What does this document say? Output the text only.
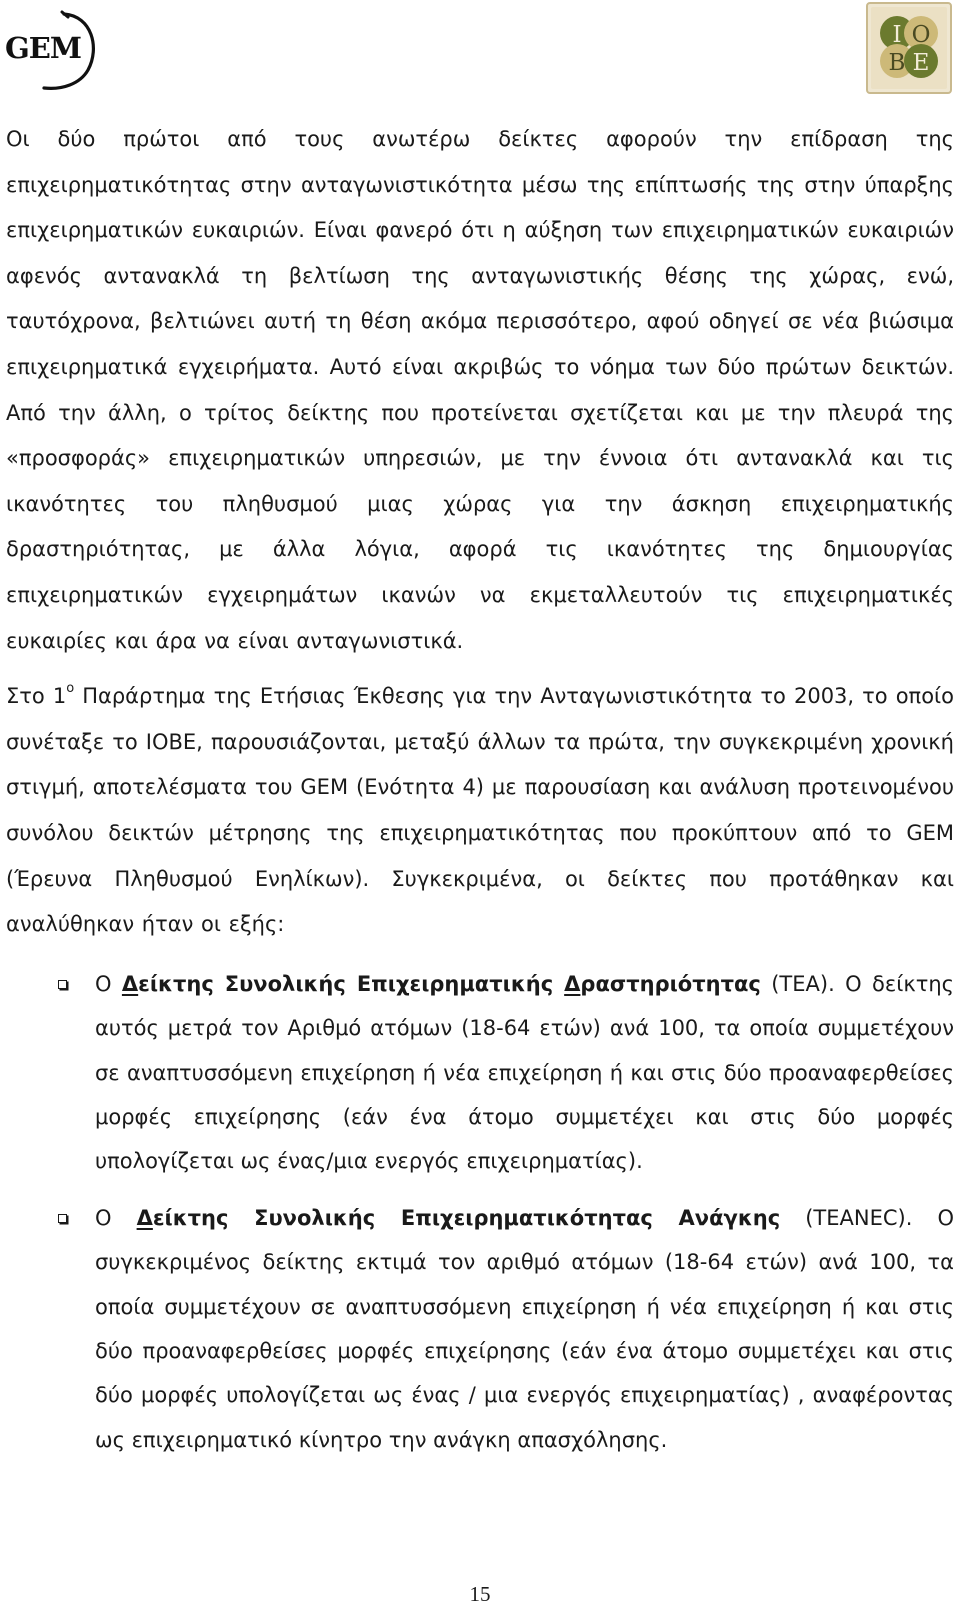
GEM	I O
B E

Οι δύο πρώτοι από τους ανωτέρω δείκτες αφορούν την επίδραση της επιχειρηματικότητας στην ανταγωνιστικότητα μέσω της επίπτωσής της στην ύπαρξης επιχειρηματικών ευκαιριών. Είναι φανερό ότι η αύξηση των επιχειρηματικών ευκαιριών αφενός αντανακλά τη βελτίωση της ανταγωνιστικής θέσης της χώρας, ενώ, ταυτόχρονα, βελτιώνει αυτή τη θέση ακόμα περισσότερο, αφού οδηγεί σε νέα βιώσιμα επιχειρηματικά εγχειρήματα. Αυτό είναι ακριβώς το νόημα των δύο πρώτων δεικτών. Από την άλλη, ο τρίτος δείκτης που προτείνεται σχετίζεται και με την πλευρά της «προσφοράς» επιχειρηματικών υπηρεσιών, με την έννοια ότι αντανακλά και τις ικανότητες του πληθυσμού μιας χώρας για την άσκηση επιχειρηματικής δραστηριότητας, με άλλα λόγια, αφορά τις ικανότητες της δημιουργίας επιχειρηματικών εγχειρημάτων ικανών να εκμεταλλευτούν τις επιχειρηματικές ευκαιρίες και άρα να είναι ανταγωνιστικά.

Στο $1^o$ Παράρτημα της Ετήσιας Έκθεσης για την Ανταγωνιστικότητα το 2003, το οποίο συνέταξε το ΙΟΒΕ, παρουσιάζονται, μεταξύ άλλων τα πρώτα, την συγκεκριμένη χρονική στιγμή, αποτελέσματα του GEM (Ενότητα 4) με παρουσίαση και ανάλυση προτεινομένου συνόλου δεικτών μέτρησης της επιχειρηματικότητας που προκύπτουν από το GEM (Έρευνα Πληθυσμού Ενηλίκων). Συγκεκριμένα, οι δείκτες που προτάθηκαν και αναλύθηκαν ήταν οι εξής:

Ο Δείκτης Συνολικής Επιχειρηματικής Δραστηριότητας (TEA). Ο δείκτης αυτός μετρά τον Αριθμό ατόμων (18-64 ετών) ανά 100, τα οποία συμμετέχουν σε αναπτυσσόμενη επιχείρηση ή νέα επιχείρηση ή και στις δύο προαναφερθείσες μορφές επιχείρησης (εάν ένα άτομο συμμετέχει και στις δύο μορφές υπολογίζεται ως ένας/μια ενεργός επιχειρηματίας).

Ο Δείκτης Συνολικής Επιχειρηματικότητας Ανάγκης (TEANEC). Ο συγκεκριμένος δείκτης εκτιμά τον αριθμό ατόμων (18-64 ετών) ανά 100, τα οποία συμμετέχουν σε αναπτυσσόμενη επιχείρηση ή νέα επιχείρηση ή και στις δύο προαναφερθείσες μορφές επιχείρησης (εάν ένα άτομο συμμετέχει και στις δύο μορφές υπολογίζεται ως ένας / μια ενεργός επιχειρηματίας) , αναφέροντας ως επιχειρηματικό κίνητρο την ανάγκη απασχόλησης.

15
